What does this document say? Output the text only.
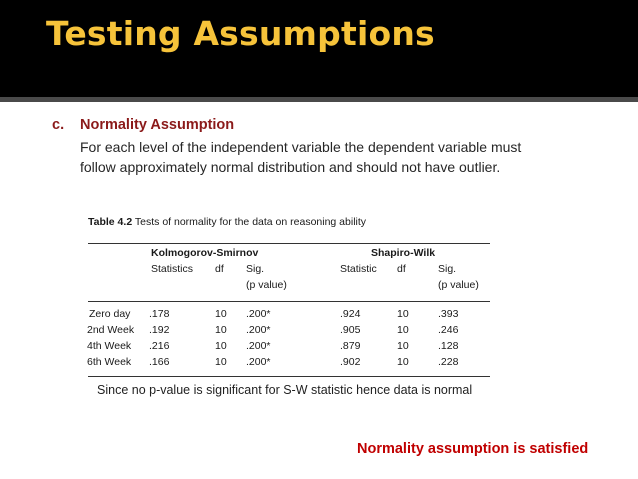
Testing Assumptions
c. Normality Assumption
For each level of the independent variable the dependent variable must
follow approximately normal distribution and should not have outlier.
Table 4.2 Tests of normality for the data on reasoning ability
Kolmogorov-Smirnov	Shapiro-Wilk
Statistics df Sig.
(p value)
Statistic df	Sig.
(p value)
Zero day .178	10 .200*	.924	10	.393
2nd Week .192	10 .200*	.905	10	.246
4th Week .216	10 .200*	.879	10	.128
6th Week .166	10 .200*	.902	10	.228
Since no p-value is significant for S-W statistic hence data is normal
Normality assumption is satisfied
